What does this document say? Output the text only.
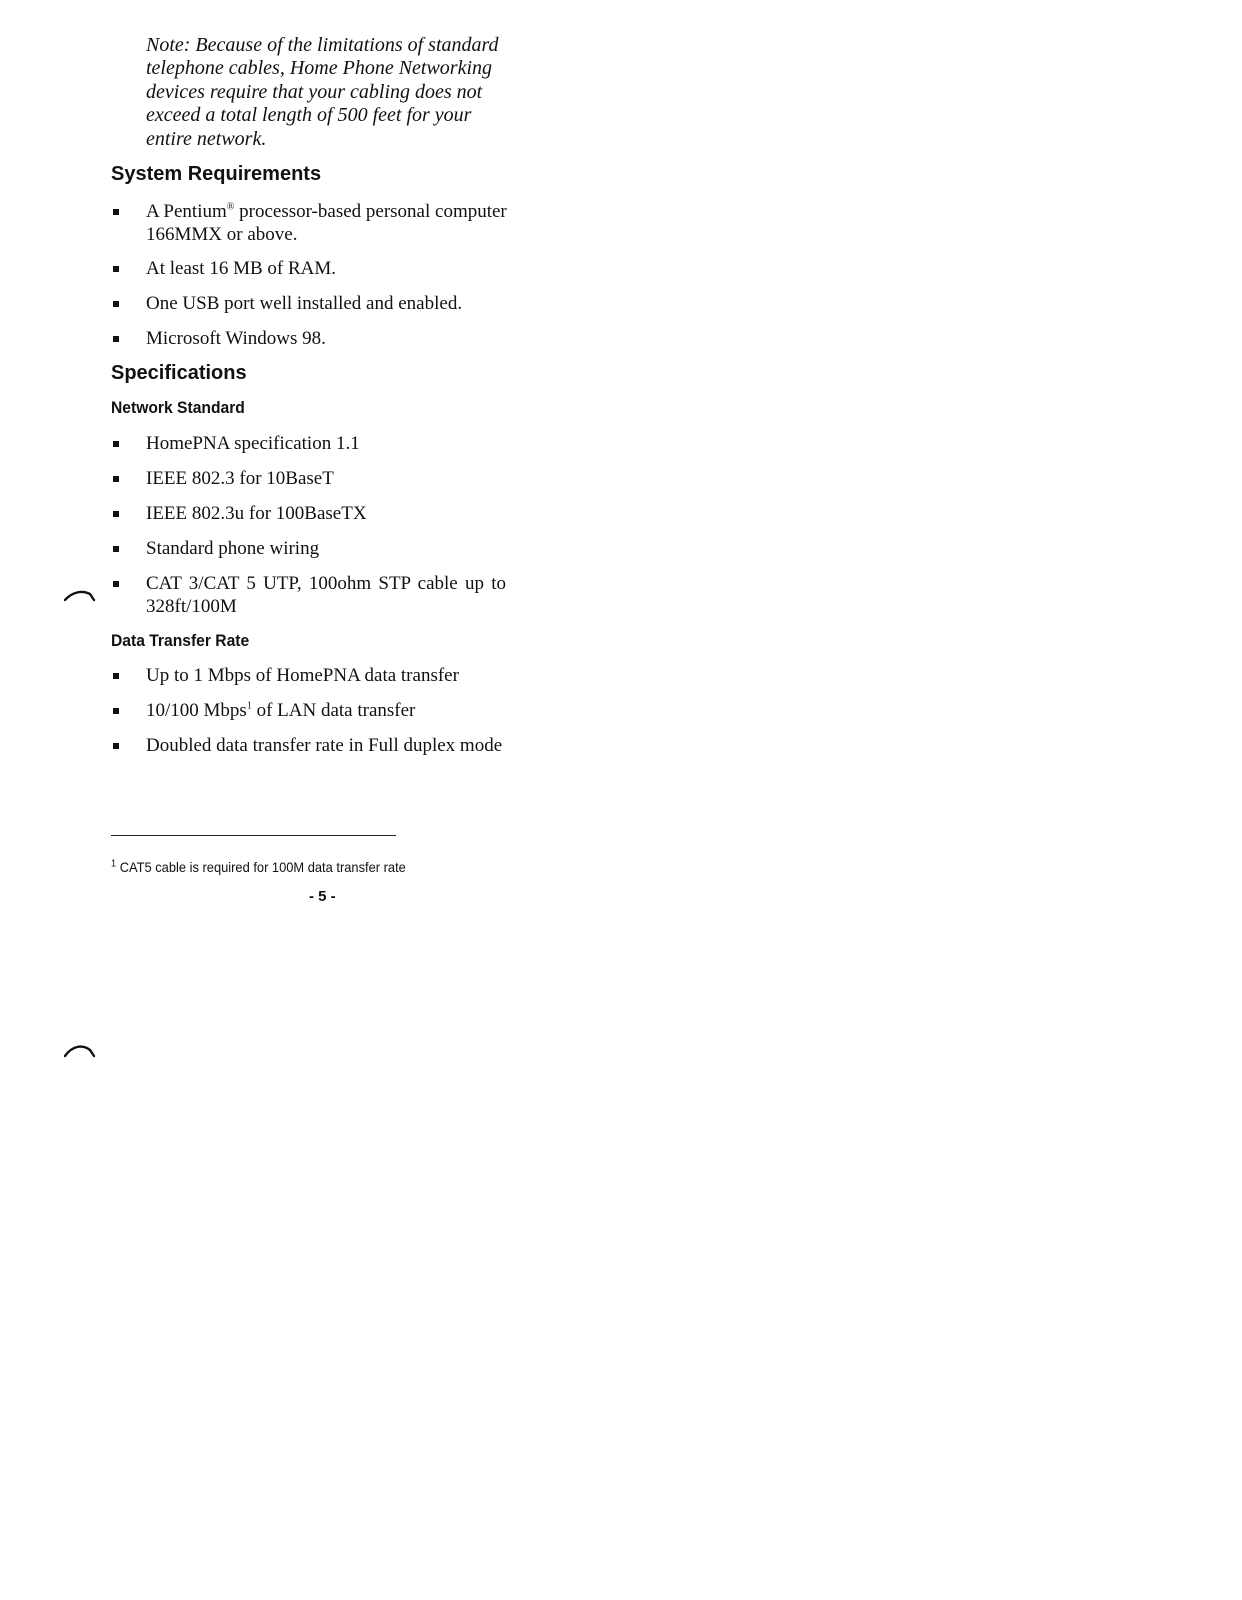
Note: Because of the limitations of standard
telephone cables, Home Phone Networking
devices require that your cabling does not
exceed a total length of 500 feet for your
entire network.

System Requirements
A Pentium® processor-based personal computer 166MMX or above.
At least 16 MB of RAM.
One USB port well installed and enabled.
Microsoft Windows 98.
Specifications
Network Standard
HomePNA specification 1.1
IEEE 802.3 for 10BaseT
IEEE 802.3u for 100BaseTX
Standard phone wiring
CAT 3/CAT 5 UTP, 100ohm STP cable up to 328ft/100M
Data Transfer Rate
Up to 1 Mbps of HomePNA data transfer
10/100 Mbps$^1$ of LAN data transfer
Doubled data transfer rate in Full duplex mode
$^1$ CAT5 cable is required for 100M data transfer rate
- 5 -
